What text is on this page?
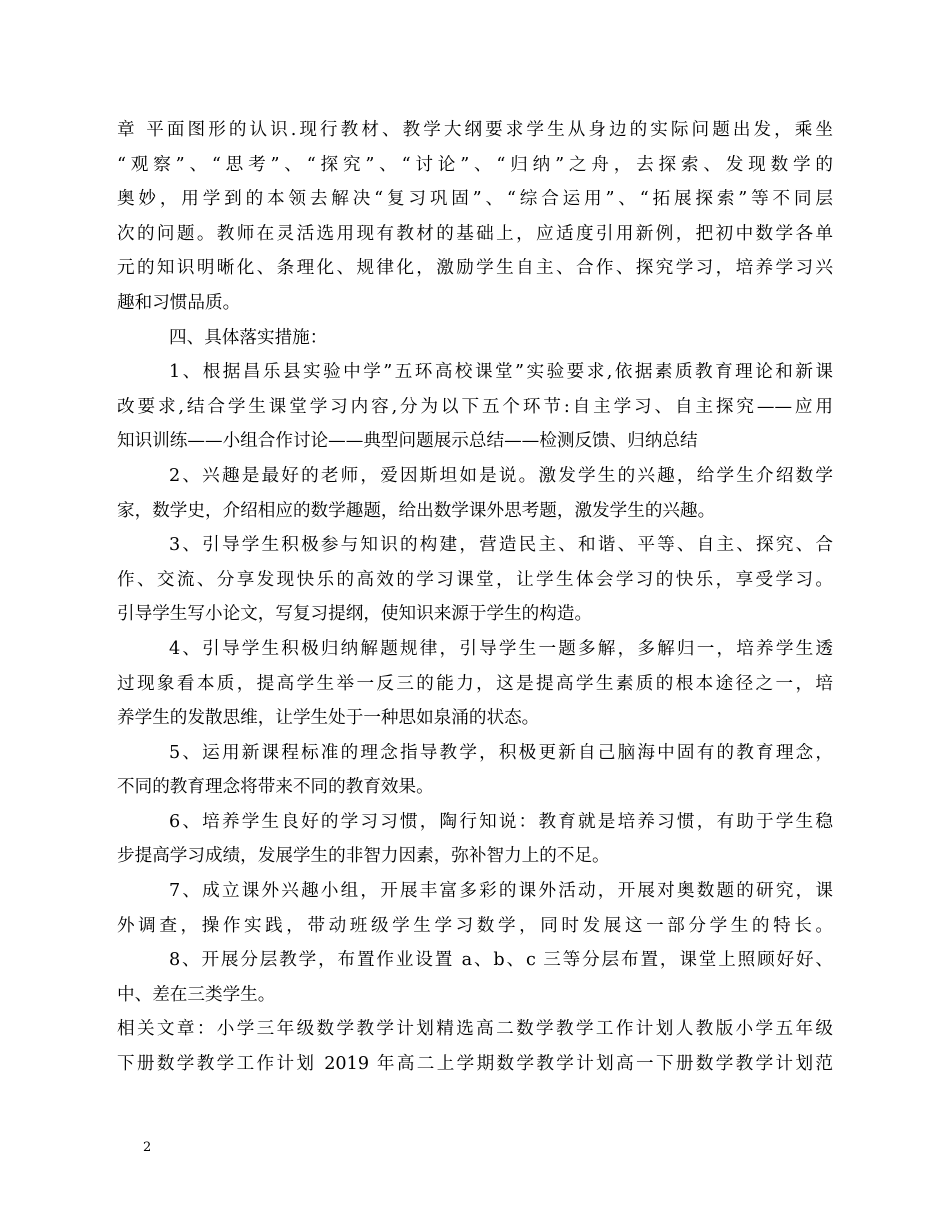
章 平面图形的认识.现行教材、教学大纲要求学生从身边的实际问题出发，乘坐
“观察”、“思考”、“探究”、“讨论”、“归纳”之舟，去探索、发现数学的
奥妙，用学到的本领去解决“复习巩固”、“综合运用”、“拓展探索”等不同层
次的问题。教师在灵活选用现有教材的基础上，应适度引用新例，把初中数学各单
元的知识明晰化、条理化、规律化，激励学生自主、合作、探究学习，培养学习兴
趣和习惯品质。
四、具体落实措施：
1、根据昌乐县实验中学”五环高校课堂”实验要求,依据素质教育理论和新课
改要求,结合学生课堂学习内容,分为以下五个环节:自主学习、自主探究——应用
知识训练——小组合作讨论——典型问题展示总结——检测反馈、归纳总结
2、兴趣是最好的老师，爱因斯坦如是说。激发学生的兴趣，给学生介绍数学
家，数学史，介绍相应的数学趣题，给出数学课外思考题，激发学生的兴趣。
3、引导学生积极参与知识的构建，营造民主、和谐、平等、自主、探究、合
作、交流、分享发现快乐的高效的学习课堂，让学生体会学习的快乐，享受学习。
引导学生写小论文，写复习提纲，使知识来源于学生的构造。
4、引导学生积极归纳解题规律，引导学生一题多解，多解归一，培养学生透
过现象看本质，提高学生举一反三的能力，这是提高学生素质的根本途径之一，培
养学生的发散思维，让学生处于一种思如泉涌的状态。
5、运用新课程标准的理念指导教学，积极更新自己脑海中固有的教育理念，
不同的教育理念将带来不同的教育效果。
6、培养学生良好的学习习惯，陶行知说：教育就是培养习惯，有助于学生稳
步提高学习成绩，发展学生的非智力因素，弥补智力上的不足。
7、成立课外兴趣小组，开展丰富多彩的课外活动，开展对奥数题的研究，课
外调查，操作实践，带动班级学生学习数学，同时发展这一部分学生的特长。
8、开展分层教学，布置作业设置 a、b、c 三等分层布置，课堂上照顾好好、
中、差在三类学生。
相关文章：小学三年级数学教学计划精选高二数学教学工作计划人教版小学五年级
下册数学教学工作计划 2019 年高二上学期数学教学计划高一下册数学教学计划范
2
